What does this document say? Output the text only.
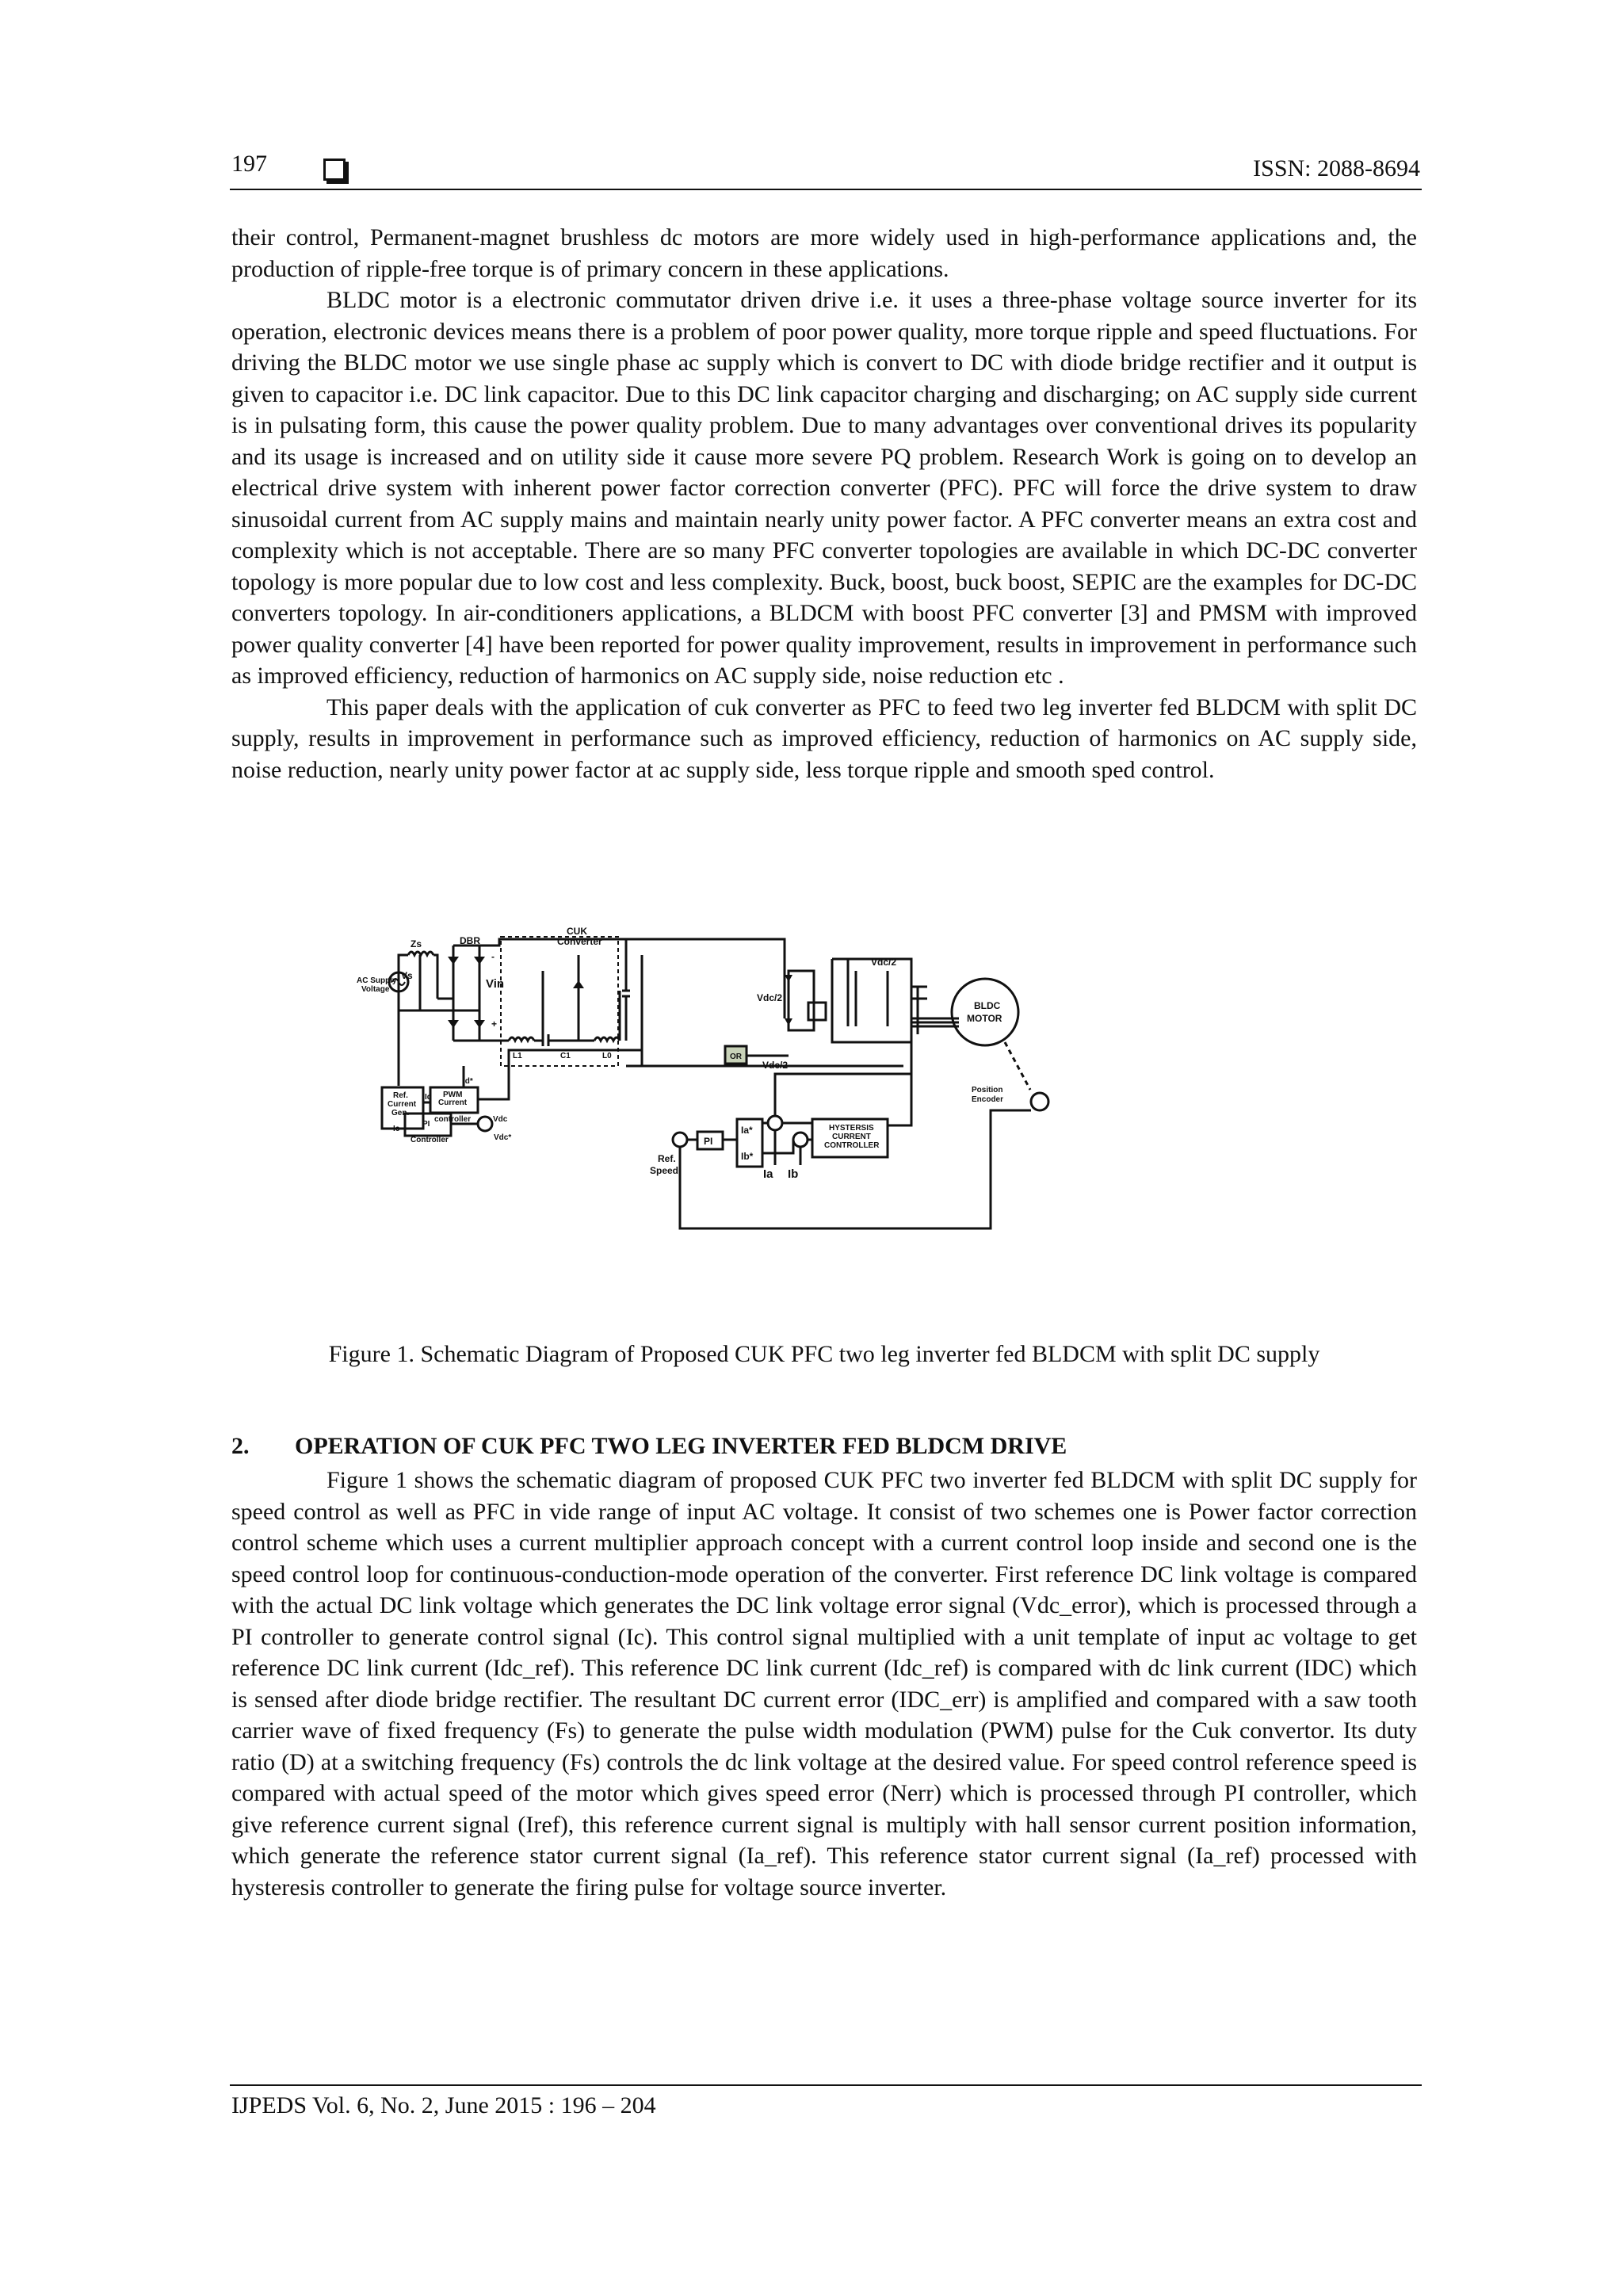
197	ISSN: 2088-8694

their control, Permanent-magnet brushless dc motors are more widely used in high-performance applications and, the production of ripple-free torque is of primary concern in these applications.

BLDC motor is a electronic commutator driven drive i.e. it uses a three-phase voltage source inverter for its operation, electronic devices means there is a problem of poor power quality, more torque ripple and speed fluctuations. For driving the BLDC motor we use single phase ac supply which is convert to DC with diode bridge rectifier and it output is given to capacitor i.e. DC link capacitor. Due to this DC link capacitor charging and discharging; on AC supply side current is in pulsating form, this cause the power quality problem. Due to many advantages over conventional drives its popularity and its usage is increased and on utility side it cause more severe PQ problem. Research Work is going on to develop an electrical drive system with inherent power factor correction converter (PFC). PFC will force the drive system to draw sinusoidal current from AC supply mains and maintain nearly unity power factor. A PFC converter means an extra cost and complexity which is not acceptable. There are so many PFC converter topologies are available in which DC-DC converter topology is more popular due to low cost and less complexity. Buck, boost, buck boost, SEPIC are the examples for DC-DC converters topology. In air-conditioners applications, a BLDCM with boost PFC converter [3] and PMSM with improved power quality converter [4] have been reported for power quality improvement, results in improvement in performance such as improved efficiency, reduction of harmonics on AC supply side, noise reduction etc .

This paper deals with the application of cuk converter as PFC to feed two leg inverter fed BLDCM with split DC supply, results in improvement in performance such as improved efficiency, reduction of harmonics on AC supply side, noise reduction, nearly unity power factor at ac supply side, less torque ripple and smooth sped control.

Zs	DBR
CUK
Converter
AC Supply
Voltage
Vs
Vin
-
+
L1	C1	L0
Vdc/2
Vdc/2
Vdc/2
OR
BLDC
MOTOR
Position
Encoder
Ref.
Current
Gen.
Id PWM
Current
controller
Id*
Ic
PI
Controller
Vdc
Vdc*	PI
Ia*
Ib*
Ia Ib
HYSTERSIS
CURRENT
CONTROLLER
Ref.
Speed
Figure 1. Schematic Diagram of Proposed CUK PFC two leg inverter fed BLDCM with split DC supply
2. OPERATION OF CUK PFC TWO LEG INVERTER FED BLDCM DRIVE

Figure 1 shows the schematic diagram of proposed CUK PFC two inverter fed BLDCM with split DC supply for speed control as well as PFC in vide range of input AC voltage. It consist of two schemes one is Power factor correction control scheme which uses a current multiplier approach concept with a current control loop inside and second one is the speed control loop for continuous-conduction-mode operation of the converter. First reference DC link voltage is compared with the actual DC link voltage which generates the DC link voltage error signal (Vdc_error), which is processed through a PI controller to generate control signal (Ic). This control signal multiplied with a unit template of input ac voltage to get reference DC link current (Idc_ref). This reference DC link current (Idc_ref) is compared with dc link current (IDC) which is sensed after diode bridge rectifier. The resultant DC current error (IDC_err) is amplified and compared with a saw tooth carrier wave of fixed frequency (Fs) to generate the pulse width modulation (PWM) pulse for the Cuk convertor. Its duty ratio (D) at a switching frequency (Fs) controls the dc link voltage at the desired value. For speed control reference speed is compared with actual speed of the motor which gives speed error (Nerr) which is processed through PI controller, which give reference current signal (Iref), this reference current signal is multiply with hall sensor current position information, which generate the reference stator current signal (Ia_ref). This reference stator current signal (Ia_ref) processed with hysteresis controller to generate the firing pulse for voltage source inverter.

IJPEDS Vol. 6, No. 2, June 2015 : 196 – 204
